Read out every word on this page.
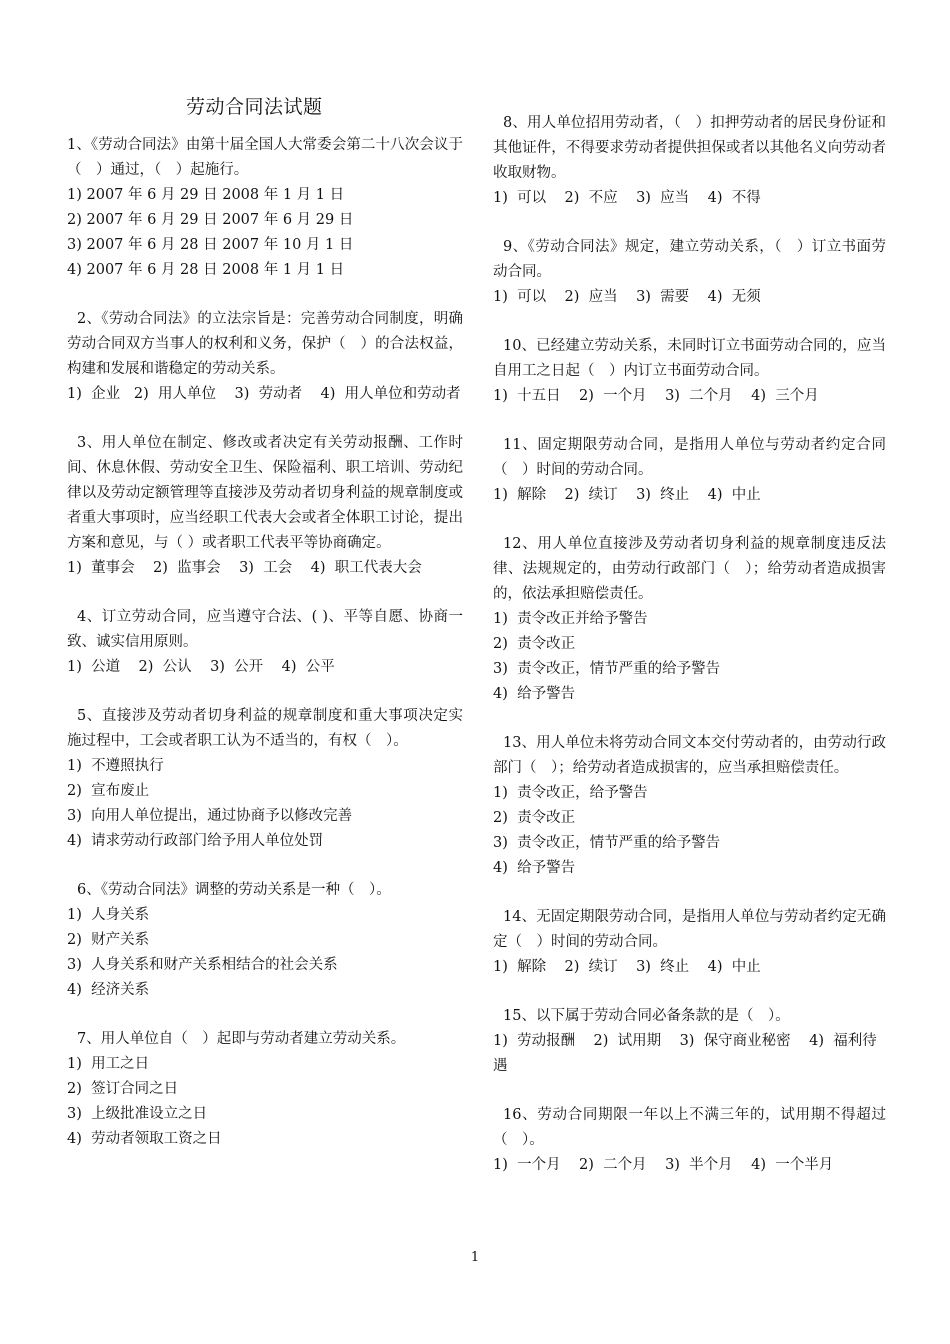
劳动合同法试题

1、《劳动合同法》由第十届全国人大常委会第二十八次会议于（　）通过，（　）起施行。

1) 2007 年 6 月 29 日 2008 年 1 月 1 日

2) 2007 年 6 月 29 日 2007 年 6 月 29 日

3) 2007 年 6 月 28 日 2007 年 10 月 1 日

4) 2007 年 6 月 28 日 2008 年 1 月 1 日

2、《劳动合同法》的立法宗旨是：完善劳动合同制度，明确劳动合同双方当事人的权利和义务，保护（　）的合法权益，构建和发展和谐稳定的劳动关系。

1)  企业   2)  用人单位    3)  劳动者    4)  用人单位和劳动者

3、用人单位在制定、修改或者决定有关劳动报酬、工作时间、休息休假、劳动安全卫生、保险福利、职工培训、劳动纪律以及劳动定额管理等直接涉及劳动者切身利益的规章制度或者重大事项时，应当经职工代表大会或者全体职工讨论，提出方案和意见，与（ ）或者职工代表平等协商确定。

1)  董事会    2)  监事会    3)  工会    4)  职工代表大会

4、订立劳动合同，应当遵守合法、( )、平等自愿、协商一致、诚实信用原则。

1)  公道    2)  公认    3)  公开    4)  公平

5、直接涉及劳动者切身利益的规章制度和重大事项决定实施过程中，工会或者职工认为不适当的，有权（　）。

1)  不遵照执行

2)  宣布废止

3)  向用人单位提出，通过协商予以修改完善

4)  请求劳动行政部门给予用人单位处罚

6、《劳动合同法》调整的劳动关系是一种（　）。

1)  人身关系

2)  财产关系

3)  人身关系和财产关系相结合的社会关系

4)  经济关系

7、用人单位自（　）起即与劳动者建立劳动关系。

1)  用工之日

2)  签订合同之日

3)  上级批准设立之日

4)  劳动者领取工资之日

8、用人单位招用劳动者，（　）扣押劳动者的居民身份证和其他证件，不得要求劳动者提供担保或者以其他名义向劳动者收取财物。

1)  可以    2)  不应    3)  应当    4)  不得

9、《劳动合同法》规定，建立劳动关系，（　）订立书面劳动合同。

1)  可以    2)  应当    3)  需要    4)  无须

10、已经建立劳动关系，未同时订立书面劳动合同的，应当自用工之日起（　）内订立书面劳动合同。

1)  十五日    2)  一个月    3)  二个月    4)  三个月

11、固定期限劳动合同，是指用人单位与劳动者约定合同（　）时间的劳动合同。

1)  解除    2)  续订    3)  终止    4)  中止

12、用人单位直接涉及劳动者切身利益的规章制度违反法律、法规规定的，由劳动行政部门（　）；给劳动者造成损害的，依法承担赔偿责任。

1)  责令改正并给予警告

2)  责令改正

3)  责令改正，情节严重的给予警告

4)  给予警告

13、用人单位未将劳动合同文本交付劳动者的，由劳动行政部门（　）；给劳动者造成损害的，应当承担赔偿责任。

1)  责令改正，给予警告

2)  责令改正

3)  责令改正，情节严重的给予警告

4)  给予警告

14、无固定期限劳动合同，是指用人单位与劳动者约定无确定（　）时间的劳动合同。

1)  解除    2)  续订    3)  终止    4)  中止

15、以下属于劳动合同必备条款的是（　）。

1)  劳动报酬    2)  试用期    3)  保守商业秘密    4)  福利待遇

16、劳动合同期限一年以上不满三年的，试用期不得超过（　）。

1)  一个月    2)  二个月    3)  半个月    4)  一个半月

1
